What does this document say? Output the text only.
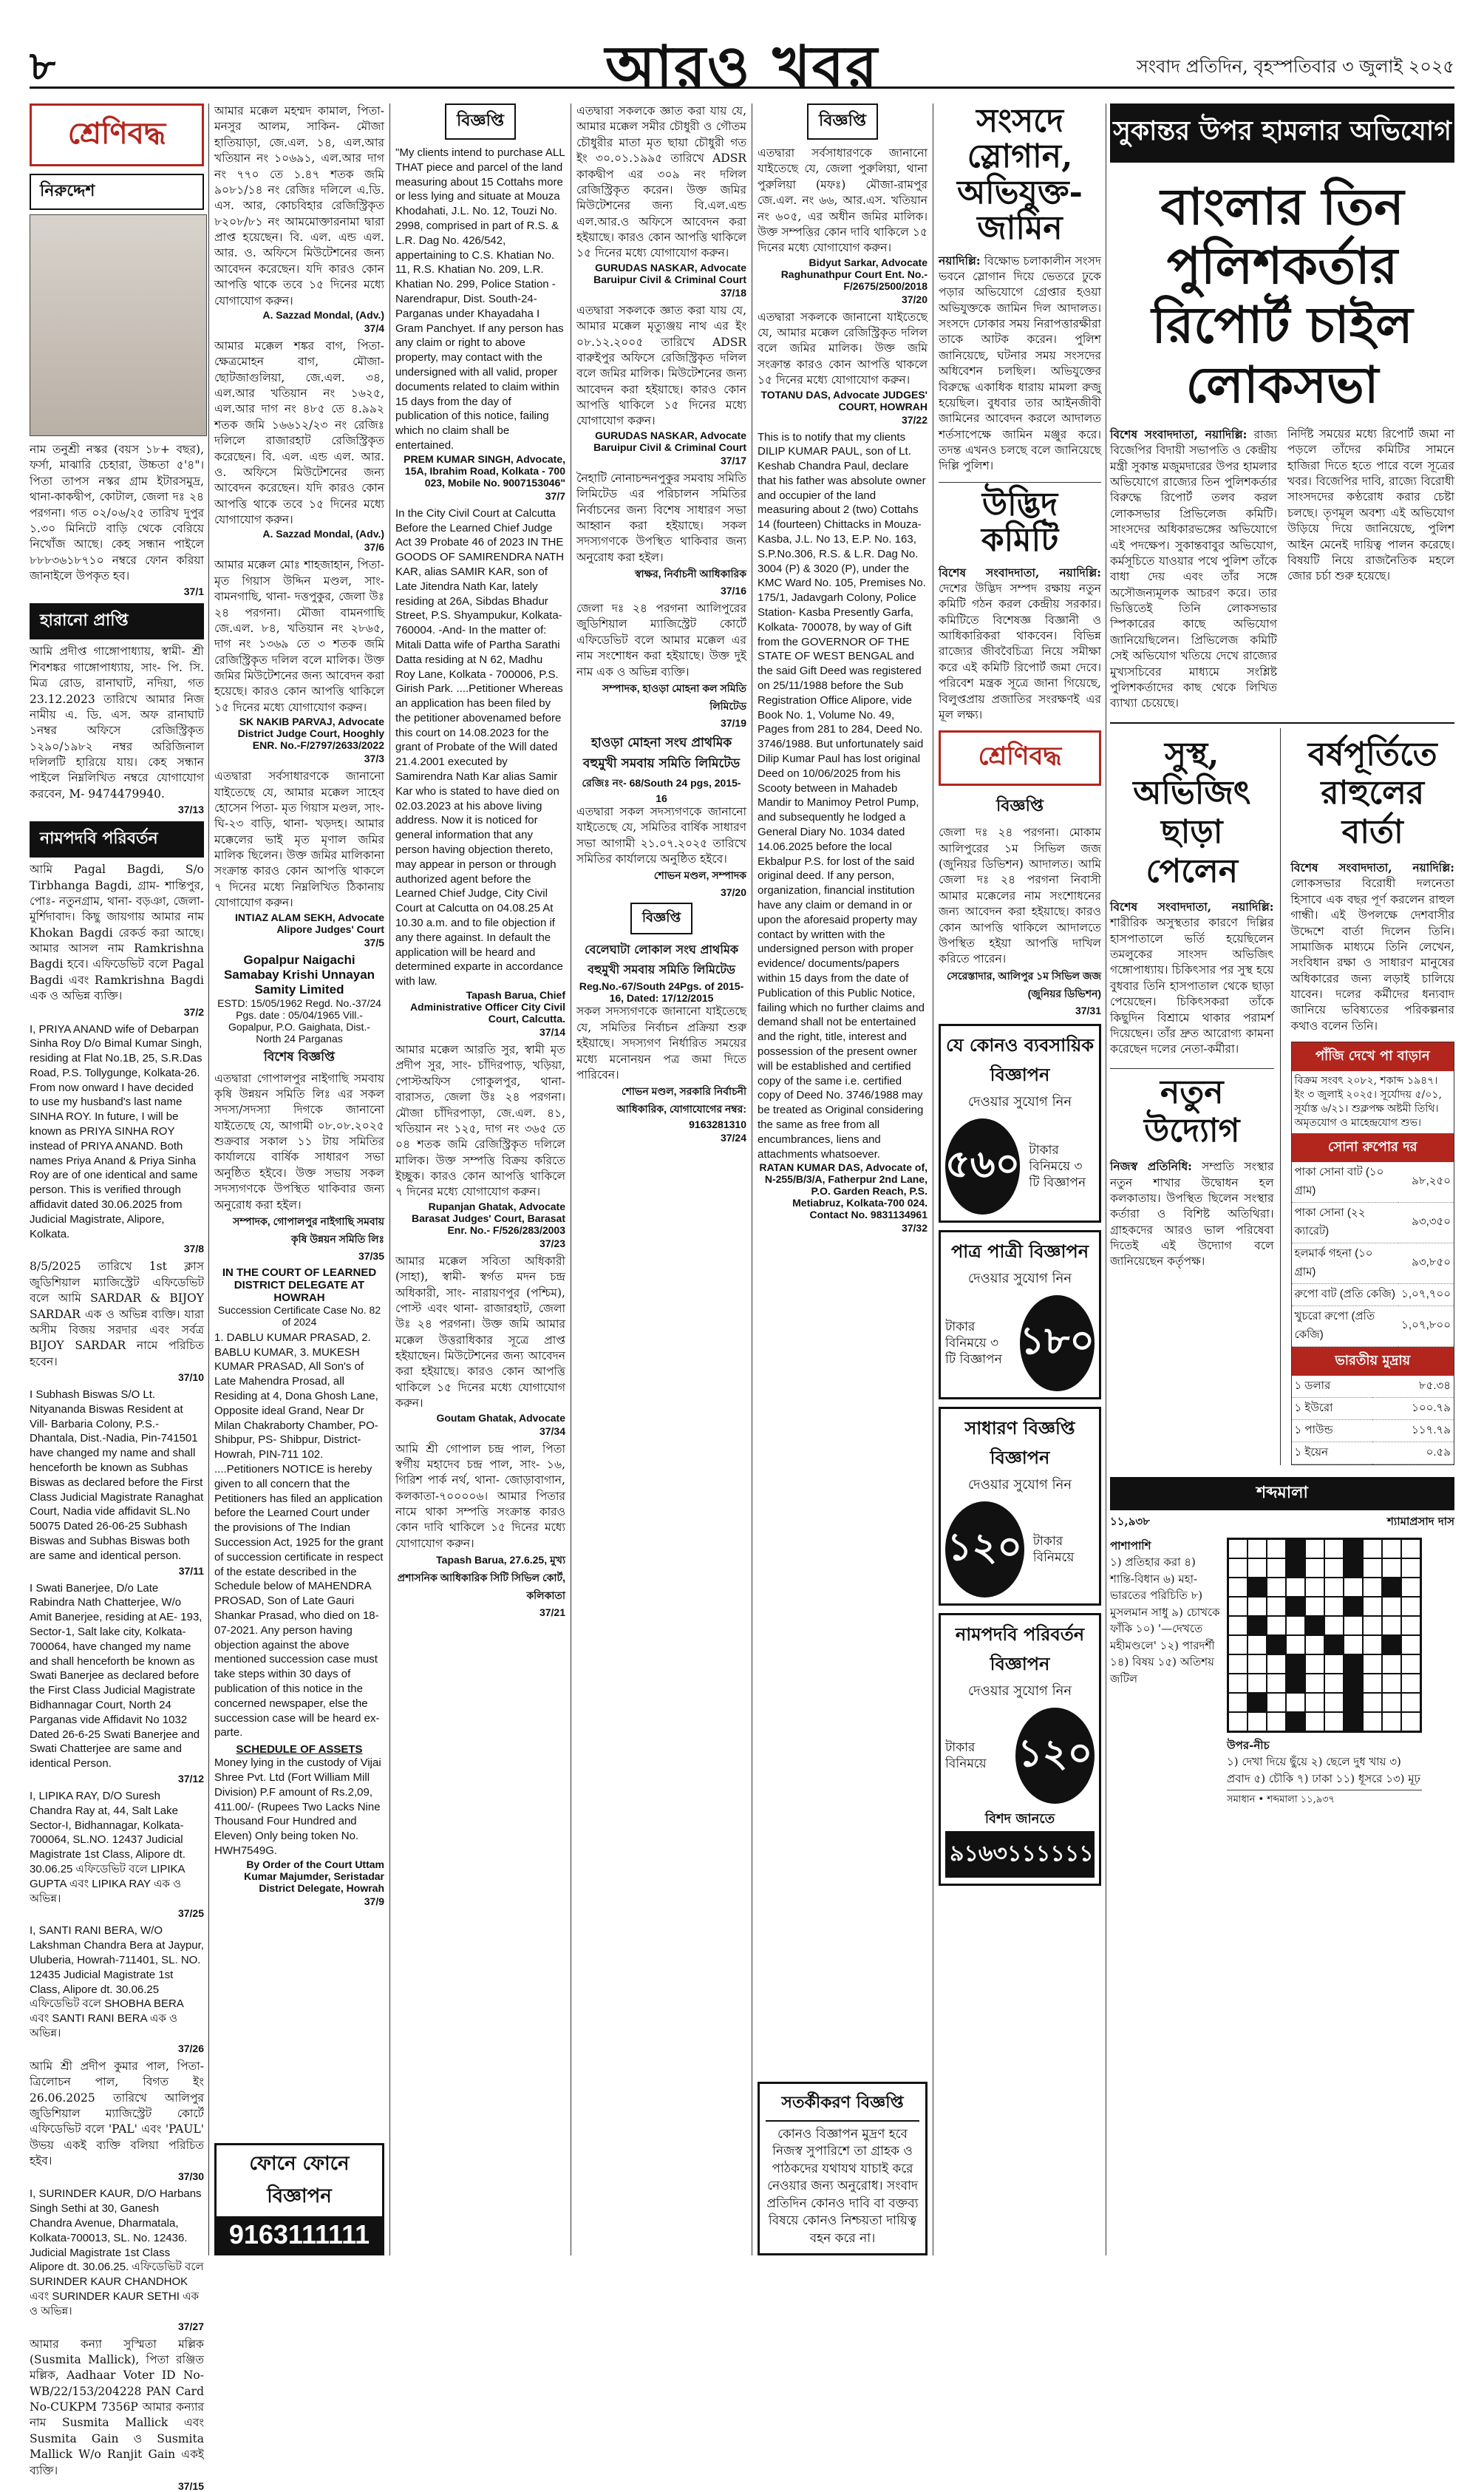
৮	আরও খবর	সংবাদ প্রতিদিন, বৃহস্পতিবার ৩ জুলাই ২০২৫
শ্রেণিবদ্ধ
নিরুদ্দেশ

নাম তনুশ্রী নস্কর (বয়স ১৮+ বছর), ফর্সা, মাঝারি চেহারা, উচ্চতা ৫'৪"। পিতা তাপস নস্কর গ্রাম ইটারসমুদ্র, থানা-কাকদ্বীপ, কোটাল, জেলা দঃ ২৪ পরগনা। গত ০২/০৬/২৫ তারিখ দুপুর ১.৩০ মিনিটে বাড়ি থেকে বেরিয়ে নিখোঁজ আছে। কেহ সন্ধান পাইলে ৮৮৮৩৬১৮৭১০ নম্বরে ফোন করিয়া জানাইলে উপকৃত হব।

37/1
হারানো প্রাপ্তি

আমি প্রদীপ্ত গাঙ্গোপাধ্যায়, স্বামী- শ্রী শিবশঙ্কর গাঙ্গোপাধ্যায়, সাং- পি. সি. মিত্র রোড, রানাঘাট, নদিয়া, গত 23.12.2023 তারিখে আমার নিজ নামীয় এ. ডি. এস. অফ রানাঘাট ১নম্বর অফিসে রেজিস্ট্রিকৃত ১২৯০/১৯৮২ নম্বর অরিজিনাল দলিলটি হারিয়ে যায়। কেহ সন্ধান পাইলে নিম্নলিখিত নম্বরে যোগাযোগ করবেন, M- 9474479940.

37/13
নামপদবি পরিবর্তন

আমি Pagal Bagdi, S/o Tirbhanga Bagdi, গ্রাম- শান্তিপুর, পোঃ- নতুনগ্রাম, থানা- বড়ঞা, জেলা- মুর্শিদাবাদ। কিছু জায়গায় আমার নাম Khokan Bagdi রেকর্ড করা আছে। আমার আসল নাম Ramkrishna Bagdi হবে। এফিডেভিট বলে Pagal Bagdi এবং Ramkrishna Bagdi এক ও অভিন্ন ব্যক্তি।

37/2

I, PRIYA ANAND wife of Debarpan Sinha Roy D/o Bimal Kumar Singh, residing at Flat No.1B, 25, S.R.Das Road, P.S. Tollygunge, Kolkata-26. From now onward I have decided to use my husband's last name SINHA ROY. In future, I will be known as PRIYA SINHA ROY instead of PRIYA ANAND. Both names Priya Anand & Priya Sinha Roy are of one identical and same person. This is verified through affidavit dated 30.06.2025 from Judicial Magistrate, Alipore, Kolkata.

37/8

8/5/2025 তারিখে 1st ক্লাস জুডিশিয়াল ম্যাজিস্ট্রেট এফিডেভিট বলে আমি SARDAR & BIJOY SARDAR এক ও অভিন্ন ব্যক্তি। যারা অসীম বিজয় সরদার এবং সর্বত্র BIJOY SARDAR নামে পরিচিত হবেন।

37/10

I Subhash Biswas S/O Lt. Nityananda Biswas Resident at Vill- Barbaria Colony, P.S.-Dhantala, Dist.-Nadia, Pin-741501 have changed my name and shall henceforth be known as Subhas Biswas as declared before the First Class Judicial Magistrate Ranaghat Court, Nadia vide affidavit SL.No 50075 Dated 26-06-25 Subhash Biswas and Subhas Biswas both are same and identical person.

37/11

I Swati Banerjee, D/o Late Rabindra Nath Chatterjee, W/o Amit Banerjee, residing at AE- 193, Sector-1, Salt lake city, Kolkata-700064, have changed my name and shall henceforth be known as Swati Banerjee as declared before the First Class Judicial Magistrate Bidhannagar Court, North 24 Parganas vide Affidavit No 1032 Dated 26-6-25 Swati Banerjee and Swati Chatterjee are same and identical Person.

37/12

I, LIPIKA RAY, D/O Suresh Chandra Ray at, 44, Salt Lake Sector-I, Bidhannagar, Kolkata-700064, SL.NO. 12437 Judicial Magistrate 1st Class, Alipore dt. 30.06.25 এফিডেভিট বলে LIPIKA GUPTA এবং LIPIKA RAY এক ও অভিন্ন।

37/25

I, SANTI RANI BERA, W/O Lakshman Chandra Bera at Jaypur, Uluberia, Howrah-711401, SL. NO. 12435 Judicial Magistrate 1st Class, Alipore dt. 30.06.25 এফিডেভিট বলে SHOBHA BERA এবং SANTI RANI BERA এক ও অভিন্ন।

37/26

আমি শ্রী প্রদীপ কুমার পাল, পিতা- ত্রিলোচন পাল, বিগত ইং 26.06.2025 তারিখে আলিপুর জুডিশিয়াল ম্যাজিস্ট্রেট কোর্টে এফিডেভিট বলে 'PAL' এবং 'PAUL' উভয় একই ব্যক্তি বলিয়া পরিচিত হইব।

37/30

I, SURINDER KAUR, D/O Harbans Singh Sethi at 30, Ganesh Chandra Avenue, Dharmatala, Kolkata-700013, SL. No. 12436. Judicial Magistrate 1st Class Alipore dt. 30.06.25. এফিডেভিট বলে SURINDER KAUR CHANDHOK এবং SURINDER KAUR SETHI এক ও অভিন্ন।

37/27

আমার কন্যা সুস্মিতা মল্লিক (Susmita Mallick), পিতা রঞ্জিত মল্লিক, Aadhaar Voter ID No-WB/22/153/204228 PAN Card No-CUKPM 7356P আমার কন্যার নাম Susmita Mallick এবং Susmita Gain ও Susmita Mallick W/o Ranjit Gain একই ব্যক্তি।

37/15

আমার মক্কেল মহম্মদ কামাল, পিতা- মনসুর আলম, সাকিন- মৌজা হাতিয়াড়া, জে.এল. ১৪, এল.আর খতিয়ান নং ১০৬৯১, এল.আর দাগ নং ৭৭০ তে ১.৪৭ শতক জমি ৯০৮১/১৪ নং রেজিঃ দলিলে এ.ডি. এস. আর, কোচবিহার রেজিস্ট্রিকৃত ৮২০৮/৮১ নং আমমোক্তারনামা দ্বারা প্রাপ্ত হয়েছেন। বি. এল. এন্ড এল. আর. ও. অফিসে মিউটেশনের জন্য আবেদন করেছেন। যদি কারও কোন আপত্তি থাকে তবে ১৫ দিনের মধ্যে যোগাযোগ করুন।

A. Sazzad Mondal, (Adv.)
37/4

আমার মক্কেল শঙ্কর বাগ, পিতা- ক্ষেত্রমোহন বাগ, মৌজা- ছোটজাগুলিয়া, জে.এল. ৩৪, এল.আর খতিয়ান নং ১৬২৫, এল.আর দাগ নং ৪৮৫ তে ৪.৯৯২ শতক জমি ১৬৬১২/২৩ নং রেজিঃ দলিলে রাজারহাট রেজিস্ট্রিকৃত করেছেন। বি. এল. এন্ড এল. আর. ও. অফিসে মিউটেশনের জন্য আবেদন করেছেন। যদি কারও কোন আপত্তি থাকে তবে ১৫ দিনের মধ্যে যোগাযোগ করুন।

A. Sazzad Mondal, (Adv.)
37/6

আমার মক্কেল মোঃ শাহজাহান, পিতা- মৃত গিয়াস উদ্দিন মণ্ডল, সাং- বামনগাছি, থানা- দত্তপুকুর, জেলা উঃ ২৪ পরগনা। মৌজা বামনগাছি জে.এল. ৮৪, খতিয়ান নং ২৮৬৫, দাগ নং ১৩৬৯ তে ৩ শতক জমি রেজিস্ট্রিকৃত দলিল বলে মালিক। উক্ত জমির মিউটেশনের জন্য আবেদন করা হয়েছে। কারও কোন আপত্তি থাকিলে ১৫ দিনের মধ্যে যোগাযোগ করুন।

SK NAKIB PARVAJ, Advocate District Judge Court, Hooghly ENR. No.-F/2797/2633/2022
37/3

এতদ্বারা সর্বসাধারণকে জানানো যাইতেছে যে, আমার মক্কেল সাহেব হোসেন পিতা- মৃত গিয়াস মণ্ডল, সাং- ঘি-২৩ বাড়ি, থানা- খড়দহ। আমার মক্কেলের ভাই মৃত মৃণাল জমির মালিক ছিলেন। উক্ত জমির মালিকানা সংক্রান্ত কারও কোন আপত্তি থাকলে ৭ দিনের মধ্যে নিম্নলিখিত ঠিকানায় যোগাযোগ করুন।

INTIAZ ALAM SEKH, Advocate Alipore Judges' Court
37/5
Gopalpur Naigachi Samabay Krishi Unnayan Samity Limited
ESTD: 15/05/1962 Regd. No.-37/24 Pgs. date : 05/04/1965 Vill.-Gopalpur, P.O. Gaighata, Dist.- North 24 Parganas
বিশেষ বিজ্ঞপ্তি

এতদ্বারা গোপালপুর নাইগাছি সমবায় কৃষি উন্নয়ন সমিতি লিঃ এর সকল সদস্য/সদস্যা দিগকে জানানো যাইতেছে যে, আগামী ০৮.০৮.২০২৫ শুক্রবার সকাল ১১ টায় সমিতির কার্যালয়ে বার্ষিক সাধারণ সভা অনুষ্ঠিত হইবে। উক্ত সভায় সকল সদস্যগণকে উপস্থিত থাকিবার জন্য অনুরোধ করা হইল।

সম্পাদক, গোপালপুর নাইগাছি সমবায় কৃষি উন্নয়ন সমিতি লিঃ
37/35
IN THE COURT OF LEARNED DISTRICT DELEGATE AT HOWRAH
Succession Certificate Case No. 82 of 2024

1. DABLU KUMAR PRASAD, 2. BABLU KUMAR, 3. MUKESH KUMAR PRASAD, All Son's of Late Mahendra Prosad, all Residing at 4, Dona Ghosh Lane, Opposite ideal Grand, Near Dr Milan Chakraborty Chamber, PO- Shibpur, PS- Shibpur, District-Howrah, PIN-711 102. ....Petitioners NOTICE is hereby given to all concern that the Petitioners has filed an application before the Learned Court under the provisions of The Indian Succession Act, 1925 for the grant of succession certificate in respect of the estate described in the Schedule below of MAHENDRA PROSAD, Son of Late Gauri Shankar Prasad, who died on 18-07-2021. Any person having objection against the above mentioned succession case must take steps within 30 days of publication of this notice in the concerned newspaper, else the succession case will be heard ex-parte.

SCHEDULE OF ASSETS

Money lying in the custody of Vijai Shree Pvt. Ltd (Fort William Mill Division) P.F amount of Rs.2,09, 411.00/- (Rupees Two Lacks Nine Thousand Four Hundred and Eleven) Only being token No. HWH7549G.

By Order of the Court Uttam Kumar Majumder, Seristadar District Delegate, Howrah
37/9
ফোনে ফোনে বিজ্ঞাপন
9163111111
বিজ্ঞপ্তি

"My clients intend to purchase ALL THAT piece and parcel of the land measuring about 15 Cottahs more or less lying and situate at Mouza Khodahati, J.L. No. 12, Touzi No. 2998, comprised in part of R.S. & L.R. Dag No. 426/542, appertaining to C.S. Khatian No. 11, R.S. Khatian No. 209, L.R. Khatian No. 299, Police Station - Narendrapur, Dist. South-24-Parganas under Khayadaha I Gram Panchyet. If any person has any claim or right to above property, may contact with the undersigned with all valid, proper documents related to claim within 15 days from the day of publication of this notice, failing which no claim shall be entertained.

PREM KUMAR SINGH, Advocate, 15A, Ibrahim Road, Kolkata - 700 023, Mobile No. 9007153046"
37/7

In the City Civil Court at Calcutta Before the Learned Chief Judge Act 39 Probate 46 of 2023 IN THE GOODS OF SAMIRENDRA NATH KAR, alias SAMIR KAR, son of Late Jitendra Nath Kar, lately residing at 26A, Sibdas Bhadur Street, P.S. Shyampukur, Kolkata-760004. -And- In the matter of: Mitali Datta wife of Partha Sarathi Datta residing at N 62, Madhu Roy Lane, Kolkata - 700006, P.S. Girish Park. ....Petitioner Whereas an application has been filed by the petitioner abovenamed before this court on 14.08.2023 for the grant of Probate of the Will dated 21.4.2001 executed by Samirendra Nath Kar alias Samir Kar who is stated to have died on 02.03.2023 at his above living address. Now it is noticed for general information that any person having objection thereto, may appear in person or through authorized agent before the Learned Chief Judge, City Civil Court at Calcutta on 04.08.25 At 10.30 a.m. and to file objection if any there against. In default the application will be heard and determined exparte in accordance with law.

Tapash Barua, Chief Administrative Officer City Civil Court, Calcutta.
37/14

আমার মক্কেল আরতি সুর, স্বামী মৃত প্রদীপ সুর, সাং- চাঁদিরপাড়, খড়িয়া, পোস্টঅফিস গোকুলপুর, থানা- বারাসত, জেলা উঃ ২৪ পরগনা। মৌজা চাঁদিরপাড়া, জে.এল. ৪১, খতিয়ান নং ১২৫, দাগ নং ৩৬৫ তে ০৪ শতক জমি রেজিস্ট্রিকৃত দলিলে মালিক। উক্ত সম্পত্তি বিক্রয় করিতে ইচ্ছুক। কারও কোন আপত্তি থাকিলে ৭ দিনের মধ্যে যোগাযোগ করুন।

Rupanjan Ghatak, Advocate Barasat Judges' Court, Barasat Enr. No.- F/526/283/2003
37/23

আমার মক্কেল সবিতা অধিকারী (সাহা), স্বামী- স্বর্গত মদন চন্দ্র অধিকারী, সাং- নারায়ণপুর (পশ্চিম), পোস্ট এবং থানা- রাজারহাট, জেলা উঃ ২৪ পরগনা। উক্ত জমি আমার মক্কেল উত্তরাধিকার সূত্রে প্রাপ্ত হইয়াছেন। মিউটেশনের জন্য আবেদন করা হইয়াছে। কারও কোন আপত্তি থাকিলে ১৫ দিনের মধ্যে যোগাযোগ করুন।

Goutam Ghatak, Advocate
37/34

আমি শ্রী গোপাল চন্দ্র পাল, পিতা স্বর্গীয় মহাদেব চন্দ্র পাল, সাং- ১৬, গিরিশ পার্ক নর্থ, থানা- জোড়াবাগান, কলকাতা-৭০০০০৬। আমার পিতার নামে থাকা সম্পত্তি সংক্রান্ত কারও কোন দাবি থাকিলে ১৫ দিনের মধ্যে যোগাযোগ করুন।

Tapash Barua, 27.6.25, মুখ্য প্রশাসনিক আধিকারিক সিটি সিভিল কোর্ট, কলিকাতা
37/21

এতদ্বারা সকলকে জ্ঞাত করা যায় যে, আমার মক্কেল সমীর চৌধুরী ও গৌতম চৌধুরীর মাতা মৃত ছায়া চৌধুরী গত ইং ৩০.০১.১৯৯৫ তারিখে ADSR কাকদ্বীপ এর ৩০৯ নং দলিল রেজিস্ট্রিকৃত করেন। উক্ত জমির মিউটেশনের জন্য বি.এল.এন্ড এল.আর.ও অফিসে আবেদন করা হইয়াছে। কারও কোন আপত্তি থাকিলে ১৫ দিনের মধ্যে যোগাযোগ করুন।

GURUDAS NASKAR, Advocate Baruipur Civil & Criminal Court
37/18

এতদ্বারা সকলকে জ্ঞাত করা যায় যে, আমার মক্কেল মৃত্যুঞ্জয় নাথ এর ইং ০৮.১২.২০০৫ তারিখে ADSR বারুইপুর অফিসে রেজিস্ট্রিকৃত দলিল বলে জমির মালিক। মিউটেশনের জন্য আবেদন করা হইয়াছে। কারও কোন আপত্তি থাকিলে ১৫ দিনের মধ্যে যোগাযোগ করুন।

GURUDAS NASKAR, Advocate Baruipur Civil & Criminal Court
37/17

নৈহাটি নোনাচন্দনপুকুর সমবায় সমিতি লিমিটেড এর পরিচালন সমিতির নির্বাচনের জন্য বিশেষ সাধারণ সভা আহ্বান করা হইয়াছে। সকল সদস্যগণকে উপস্থিত থাকিবার জন্য অনুরোধ করা হইল।

স্বাক্ষর, নির্বাচনী আধিকারিক
37/16

জেলা দঃ ২৪ পরগনা আলিপুরের জুডিশিয়াল ম্যাজিস্ট্রেট কোর্টে এফিডেভিট বলে আমার মক্কেল এর নাম সংশোধন করা হইয়াছে। উক্ত দুই নাম এক ও অভিন্ন ব্যক্তি।

সম্পাদক, হাওড়া মোহনা কল সমিতি লিমিটেড
37/19
হাওড়া মোহনা সংঘ প্রাথমিক বহুমুখী সমবায় সমিতি লিমিটেড
রেজিঃ নং- 68/South 24 pgs, 2015-16

এতদ্বারা সকল সদস্যগণকে জানানো যাইতেছে যে, সমিতির বার্ষিক সাধারণ সভা আগামী ২১.০৭.২০২৫ তারিখে সমিতির কার্যালয়ে অনুষ্ঠিত হইবে।

শোভন মণ্ডল, সম্পাদক
37/20
বিজ্ঞপ্তি
বেলেঘাটা লোকাল সংঘ প্রাথমিক বহুমুখী সমবায় সমিতি লিমিটেড
Reg.No.-67/South 24Pgs. of 2015-16, Dated: 17/12/2015

সকল সদস্যগণকে জানানো যাইতেছে যে, সমিতির নির্বাচন প্রক্রিয়া শুরু হইয়াছে। সদস্যগণ নির্ধারিত সময়ের মধ্যে মনোনয়ন পত্র জমা দিতে পারিবেন।

শোভন মণ্ডল, সরকারি নির্বাচনী আধিকারিক, যোগাযোগের নম্বর: 9163281310
37/24
বিজ্ঞপ্তি

এতদ্বারা সর্বসাধারণকে জানানো যাইতেছে যে, জেলা পুরুলিয়া, থানা পুরুলিয়া (মফঃ) মৌজা-রামপুর জে.এল. নং ৬৬, আর.এস. খতিয়ান নং ৬০৫, এর অধীন জমির মালিক। উক্ত সম্পত্তির কোন দাবি থাকিলে ১৫ দিনের মধ্যে যোগাযোগ করুন।

Bidyut Sarkar, Advocate Raghunathpur Court Ent. No.- F/2675/2500/2018
37/20

এতদ্বারা সকলকে জানানো যাইতেছে যে, আমার মক্কেল রেজিস্ট্রিকৃত দলিল বলে জমির মালিক। উক্ত জমি সংক্রান্ত কারও কোন আপত্তি থাকলে ১৫ দিনের মধ্যে যোগাযোগ করুন।

TOTANU DAS, Advocate JUDGES' COURT, HOWRAH
37/22

This is to notify that my clients DILIP KUMAR PAUL, son of Lt. Keshab Chandra Paul, declare that his father was absolute owner and occupier of the land measuring about 2 (two) Cottahs 14 (fourteen) Chittacks in Mouza-Kasba, J.L. No 13, E.P. No. 163, S.P.No.306, R.S. & L.R. Dag No. 3004 (P) & 3020 (P), under the KMC Ward No. 105, Premises No. 175/1, Jadavgarh Colony, Police Station- Kasba Presently Garfa, Kolkata- 700078, by way of Gift from the GOVERNOR OF THE STATE OF WEST BENGAL and the said Gift Deed was registered on 25/11/1988 before the Sub Registration Office Alipore, vide Book No. 1, Volume No. 49, Pages from 281 to 284, Deed No. 3746/1988. But unfortunately said Dilip Kumar Paul has lost original Deed on 10/06/2025 from his Scooty between in Mahadeb Mandir to Manimoy Petrol Pump, and subsequently he lodged a General Diary No. 1034 dated 14.06.2025 before the local Ekbalpur P.S. for lost of the said original deed. If any person, organization, financial institution have any claim or demand in or upon the aforesaid property may contact by written with the undersigned person with proper evidence/ documents/papers within 15 days from the date of Publication of this Public Notice, failing which no further claims and demand shall not be entertained and the right, title, interest and possession of the present owner will be established and certified copy of the same i.e. certified copy of Deed No. 3746/1988 may be treated as Original considering the same as free from all encumbrances, liens and attachments whatsoever.

RATAN KUMAR DAS, Advocate of, N-255/B/3/A, Fatherpur 2nd Lane, P.O. Garden Reach, P.S. Metiabruz, Kolkata-700 024. Contact No. 9831134961
37/32
সতর্কীকরণ বিজ্ঞপ্তি

কোনও বিজ্ঞাপন মুদ্রণ হবে নিজস্ব সুপারিশে তা গ্রাহক ও পাঠকদের যথাযথ যাচাই করে নেওয়ার জন্য অনুরোধ। সংবাদ প্রতিদিন কোনও দাবি বা বক্তব্য বিষয়ে কোনও নিশ্চয়তা দায়িত্ব বহন করে না।

সংসদে স্লোগান, অভিযুক্ত-জামিন

নয়াদিল্লি: বিক্ষোভ চলাকালীন সংসদ ভবনে স্লোগান দিয়ে ভেতরে ঢুকে পড়ার অভিযোগে গ্রেপ্তার হওয়া অভিযুক্তকে জামিন দিল আদালত। সংসদে ঢোকার সময় নিরাপত্তারক্ষীরা তাকে আটক করেন। পুলিশ জানিয়েছে, ঘটনার সময় সংসদের অধিবেশন চলছিল। অভিযুক্তের বিরুদ্ধে একাধিক ধারায় মামলা রুজু হয়েছিল। বুধবার তার আইনজীবী জামিনের আবেদন করলে আদালত শর্তসাপেক্ষে জামিন মঞ্জুর করে। তদন্ত এখনও চলছে বলে জানিয়েছে দিল্লি পুলিশ।

উদ্ভিদ কমিটি

বিশেষ সংবাদদাতা, নয়াদিল্লি: দেশের উদ্ভিদ সম্পদ রক্ষায় নতুন কমিটি গঠন করল কেন্দ্রীয় সরকার। কমিটিতে বিশেষজ্ঞ বিজ্ঞানী ও আধিকারিকরা থাকবেন। বিভিন্ন রাজ্যের জীববৈচিত্র্য নিয়ে সমীক্ষা করে এই কমিটি রিপোর্ট জমা দেবে। পরিবেশ মন্ত্রক সূত্রে জানা গিয়েছে, বিলুপ্তপ্রায় প্রজাতির সংরক্ষণই এর মূল লক্ষ্য।

শ্রেণিবদ্ধ
বিজ্ঞপ্তি

জেলা দঃ ২৪ পরগনা। মোকাম আলিপুরের ১ম সিভিল জজ (জুনিয়র ডিভিশন) আদালত। আমি জেলা দঃ ২৪ পরগনা নিবাসী আমার মক্কেলের নাম সংশোধনের জন্য আবেদন করা হইয়াছে। কারও কোন আপত্তি থাকিলে আদালতে উপস্থিত হইয়া আপত্তি দাখিল করিতে পারেন।

সেরেস্তাদার, আলিপুর ১ম সিভিল জজ (জুনিয়র ডিভিশন)
37/31
যে কোনও ব্যবসায়িক বিজ্ঞাপন
দেওয়ার সুযোগ নিন
৫৬০ টাকার বিনিময়ে ৩ টি বিজ্ঞাপন
পাত্র পাত্রী বিজ্ঞাপন
দেওয়ার সুযোগ নিন
টাকার বিনিময়ে ৩ টি বিজ্ঞাপন ১৮০
সাধারণ বিজ্ঞপ্তি বিজ্ঞাপন
দেওয়ার সুযোগ নিন
১২০ টাকার বিনিময়ে
নামপদবি পরিবর্তন বিজ্ঞাপন
দেওয়ার সুযোগ নিন
টাকার বিনিময়ে ১২০
বিশদ জানতে
৯১৬৩১১১১১১
সুকান্তর উপর হামলার অভিযোগ
বাংলার তিন পুলিশকর্তার রিপোর্ট চাইল লোকসভা

বিশেষ সংবাদদাতা, নয়াদিল্লি: রাজ্য বিজেপির বিদায়ী সভাপতি ও কেন্দ্রীয় মন্ত্রী সুকান্ত মজুমদারের উপর হামলার অভিযোগে রাজ্যের তিন পুলিশকর্তার বিরুদ্ধে রিপোর্ট তলব করল লোকসভার প্রিভিলেজ কমিটি। সাংসদের অধিকারভঙ্গের অভিযোগে এই পদক্ষেপ। সুকান্তবাবুর অভিযোগ, কর্মসূচিতে যাওয়ার পথে পুলিশ তাঁকে বাধা দেয় এবং তাঁর সঙ্গে অসৌজন্যমূলক আচরণ করে। তার ভিত্তিতেই তিনি লোকসভার স্পিকারের কাছে অভিযোগ জানিয়েছিলেন। প্রিভিলেজ কমিটি সেই অভিযোগ খতিয়ে দেখে রাজ্যের মুখ্যসচিবের মাধ্যমে সংশ্লিষ্ট পুলিশকর্তাদের কাছ থেকে লিখিত ব্যাখ্যা চেয়েছে।

নির্দিষ্ট সময়ের মধ্যে রিপোর্ট জমা না পড়লে তাঁদের কমিটির সামনে হাজিরা দিতে হতে পারে বলে সূত্রের খবর। বিজেপির দাবি, রাজ্যে বিরোধী সাংসদদের কণ্ঠরোধ করার চেষ্টা চলছে। তৃণমূল অবশ্য এই অভিযোগ উড়িয়ে দিয়ে জানিয়েছে, পুলিশ আইন মেনেই দায়িত্ব পালন করেছে। বিষয়টি নিয়ে রাজনৈতিক মহলে জোর চর্চা শুরু হয়েছে।

সুস্থ, অভিজিৎ ছাড়া পেলেন

বিশেষ সংবাদদাতা, নয়াদিল্লি: শারীরিক অসুস্থতার কারণে দিল্লির হাসপাতালে ভর্তি হয়েছিলেন তমলুকের সাংসদ অভিজিৎ গঙ্গোপাধ্যায়। চিকিৎসার পর সুস্থ হয়ে বুধবার তিনি হাসপাতাল থেকে ছাড়া পেয়েছেন। চিকিৎসকরা তাঁকে কিছুদিন বিশ্রামে থাকার পরামর্শ দিয়েছেন। তাঁর দ্রুত আরোগ্য কামনা করেছেন দলের নেতা-কর্মীরা।

নতুন উদ্যোগ

নিজস্ব প্রতিনিধি: সম্প্রতি সংস্থার নতুন শাখার উদ্বোধন হল কলকাতায়। উপস্থিত ছিলেন সংস্থার কর্তারা ও বিশিষ্ট অতিথিরা। গ্রাহকদের আরও ভাল পরিষেবা দিতেই এই উদ্যোগ বলে জানিয়েছেন কর্তৃপক্ষ।

বর্ষপূর্তিতে রাহুলের বার্তা

বিশেষ সংবাদদাতা, নয়াদিল্লি: লোকসভার বিরোধী দলনেতা হিসাবে এক বছর পূর্ণ করলেন রাহুল গান্ধী। এই উপলক্ষে দেশবাসীর উদ্দেশে বার্তা দিলেন তিনি। সামাজিক মাধ্যমে তিনি লেখেন, সংবিধান রক্ষা ও সাধারণ মানুষের অধিকারের জন্য লড়াই চালিয়ে যাবেন। দলের কর্মীদের ধন্যবাদ জানিয়ে ভবিষ্যতের পরিকল্পনার কথাও বলেন তিনি।

পাঁজি দেখে পা বাড়ান

বিক্রম সংবৎ ২০৮২, শকাব্দ ১৯৪৭। ইং ৩ জুলাই ২০২৫। সূর্যোদয় ৫/০১, সূর্যাস্ত ৬/২১। শুক্লপক্ষ অষ্টমী তিথি। অমৃতযোগ ও মাহেন্দ্রযোগ শুভ।

সোনা রুপোর দর
পাকা সোনা বাট (১০ গ্রাম)	৯৮,২৫০
পাকা সোনা (২২ ক্যারেট)	৯৩,৩৫০
হলমার্ক গহনা (১০ গ্রাম)	৯৩,৮৫০
রুপো বাট (প্রতি কেজি)	১,০৭,৭০০
খুচরো রুপো (প্রতি কেজি)	১,০৭,৮০০
ভারতীয় মুদ্রায়
১ ডলার	৮৫.৩৪
১ ইউরো	১০০.৭৯
১ পাউন্ড	১১৭.৭৯
১ ইয়েন	০.৫৯
শব্দমালা
১১,৯৩৮	শ্যামাপ্রসাদ দাস
পাশাপাশি

১) প্রতিহার করা ৪) শান্তি-বিধান ৬) মহা-ভারতের পরিচিতি ৮) মুসলমান সাধু ৯) চোখকে ফাঁকি ১০) '—দেখতে মহীমণ্ডলে' ১২) পারদর্শী ১৪) বিষয় ১৫) অতিশয় জটিল

উপর-নীচ

১) দেখা দিয়ে ছুঁয়ে ২) ছেলে দুধ খায় ৩) প্রবাদ ৫) চৌকি ৭) ঢাকা ১১) ধূসরে ১৩) মূঢ়

সমাধান • শব্দমালা ১১,৯৩৭
